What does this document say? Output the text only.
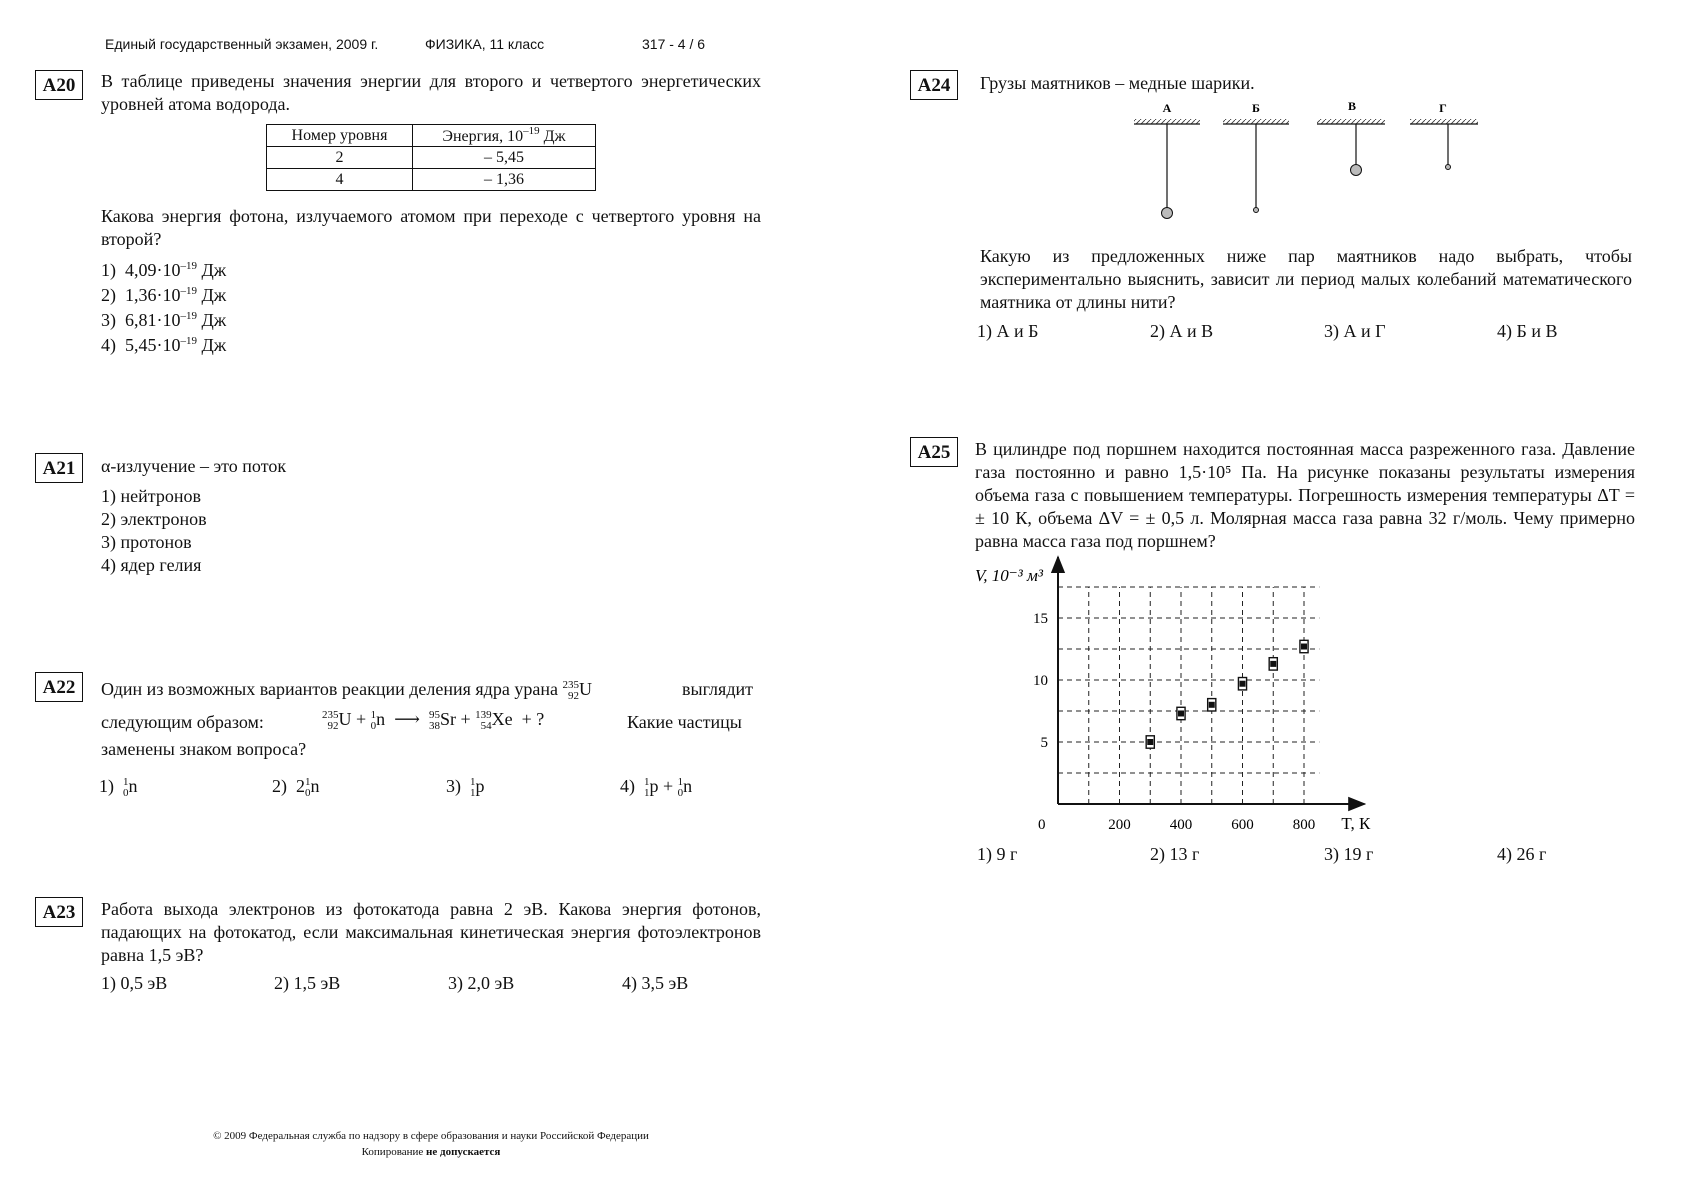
Единый государственный экзамен, 2009 г.	ФИЗИКА, 11 класс	317 - 4 / 6
А20	В таблице приведены значения энергии для второго и четвертого энергетических уровней атома водорода.
Номер уровня	Энергия, $10^{-19}$ Дж
2	– 5,45
4	– 1,36
Какова энергия фотона, излучаемого атомом при переходе с четвертого уровня на второй?
1) $4,09\cdot 10^{-19}$ Дж
2) $1,36\cdot 10^{-19}$ Дж
3) $6,81\cdot 10^{-19}$ Дж
4) $5,45\cdot 10^{-19}$ Дж
А21	α-излучение – это поток
1) нейтронов
2) электронов
3) протонов
4) ядер гелия
А22	Один из возможных вариантов реакции деления ядра урана 235
92 U	выглядит
следующим образом:	235
92 U + 1
0 n  ⟶ 95
38 Sr + 139
54 Xe  + ?	Какие частицы
заменены знаком вопроса?
1) 1
0 n	2)  2 1
0 n	3) 1
1 p	4) 1
1 p + 1
0 n
А23	Работа выхода электронов из фотокатода равна 2 эВ. Какова энергия фотонов, падающих на фотокатод, если максимальная кинетическая энергия фотоэлектронов равна 1,5 эВ?
1) 0,5 эВ	2) 1,5 эВ	3) 2,0 эВ	4) 3,5 эВ
А24	Грузы маятников – медные шарики.
А	Б	В	Г
Какую из предложенных ниже пар маятников надо выбрать, чтобы экспериментально выяснить, зависит ли период малых колебаний математического маятника от длины нити?
1) А и Б	2) А и В	3) А и Г	4) Б и В
А25	В цилиндре под поршнем находится постоянная масса разреженного газа. Давление газа постоянно и равно 1,5·10⁵ Па. На рисунке показаны результаты измерения объема газа с повышением температуры. Погрешность измерения температуры ΔT = ± 10 К, объема ΔV = ± 0,5 л. Молярная масса газа равна 32 г/моль. Чему примерно равна масса газа под поршнем?
200	400	600	800
5
10
15
V, 10⁻³ м³
T, К
0
1) 9 г	2) 13 г	3) 19 г	4) 26 г
© 2009 Федеральная служба по надзору в сфере образования и науки Российской Федерации
Копирование не допускается
